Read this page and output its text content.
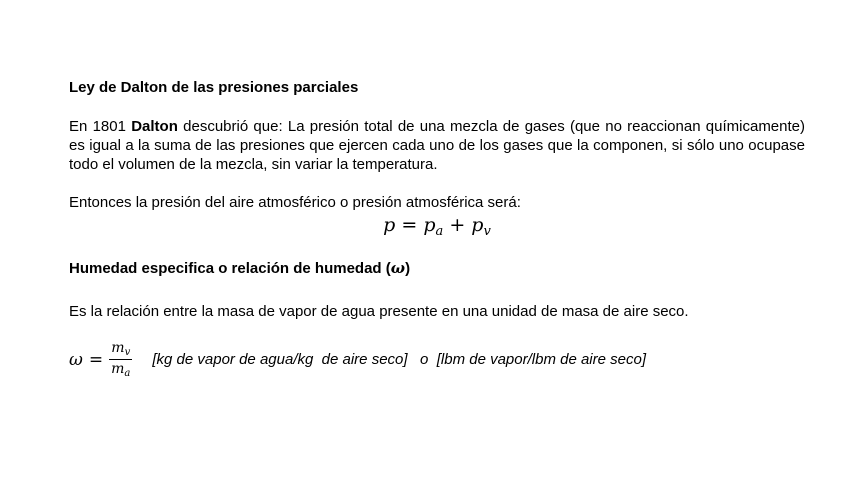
Ley de Dalton de las presiones parciales
En 1801 Dalton descubrió que: La presión total de una mezcla de gases (que no reaccionan químicamente) es igual a la suma de las presiones que ejercen cada uno de los gases que la componen, si sólo uno ocupase todo el volumen de la mezcla, sin variar la temperatura.
Entonces la presión del aire atmosférico o presión atmosférica será:
$p = p_a + p_v$
Humedad especifica o relación de humedad (ω)
Es la relación entre la masa de vapor de agua presente en una unidad de masa de aire seco.
$\omega = \frac{m_v}{m_a} [kg$ de vapor de agua/kg  de aire seco]   o  [lbm de vapor/lbm de aire seco]
